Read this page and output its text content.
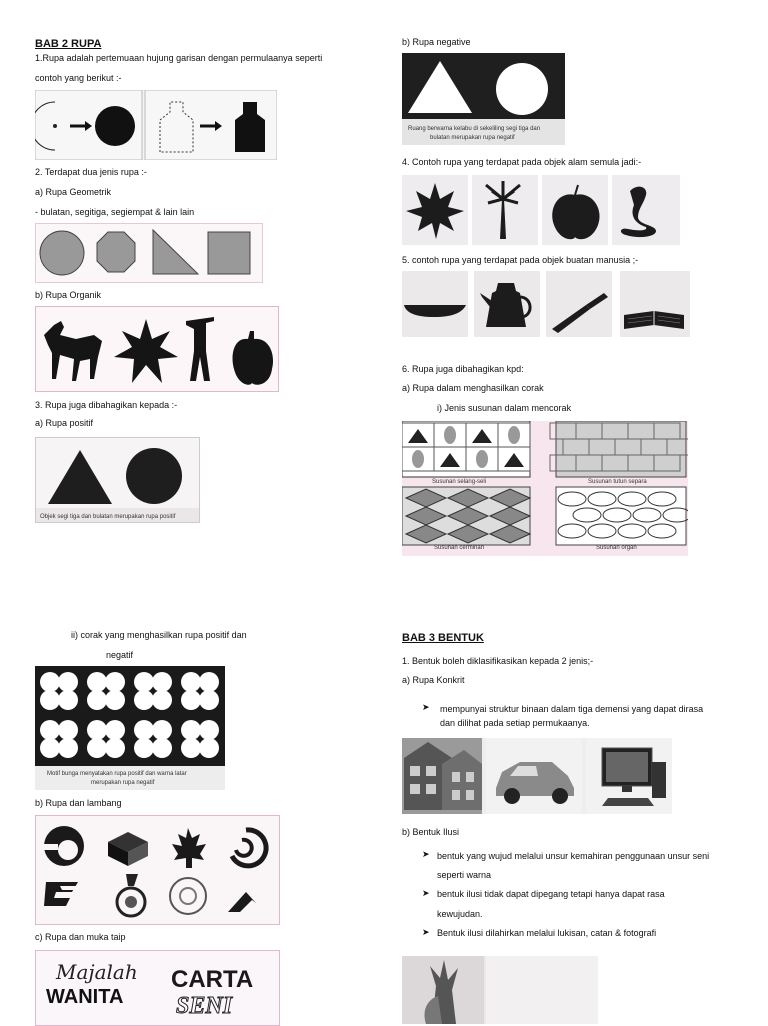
BAB 2 RUPA
1.Rupa adalah pertemuaan hujung garisan dengan permulaanya seperti
contoh yang berikut :-
2. Terdapat dua jenis rupa :-
a) Rupa Geometrik
- bulatan, segitiga, segiempat & lain lain
b) Rupa Organik
3. Rupa juga dibahagikan kepada :-
a) Rupa positif
Objek segi tiga dan bulatan merupakan rupa positif
ii) corak yang menghasilkan rupa positif dan
negatif
Motif bunga menyatakan rupa positif dan warna latar
merupakan rupa negatif
b) Rupa dan lambang
c) Rupa dan muka taip
Majalah
WANITA
CARTA
SENI
b) Rupa negative
Ruang berwarna kelabu di sekeliling segi tiga dan
bulatan merupakan rupa negatif
4. Contoh rupa yang terdapat pada objek alam semula jadi:-
5. contoh rupa yang terdapat pada objek buatan manusia ;-
6. Rupa juga dibahagikan kpd:
a) Rupa dalam menghasilkan corak
i) Jenis susunan dalam mencorak
Susunan selang-seli	Susunan tutun separa
Susunan cerminan	Susunan organ
BAB 3 BENTUK
1. Bentuk boleh diklasifikasikan kepada 2 jenis;-
a) Rupa Konkrit
➤ mempunyai struktur binaan dalam tiga demensi yang dapat dirasa
dan dilihat pada setiap permukaanya.
b) Bentuk Ilusi
➤ bentuk yang wujud melalui unsur kemahiran penggunaan unsur seni
seperti warna
➤ bentuk ilusi tidak dapat dipegang tetapi hanya dapat rasa
kewujudan.
➤ Bentuk ilusi dilahirkan melalui lukisan, catan & fotografi
